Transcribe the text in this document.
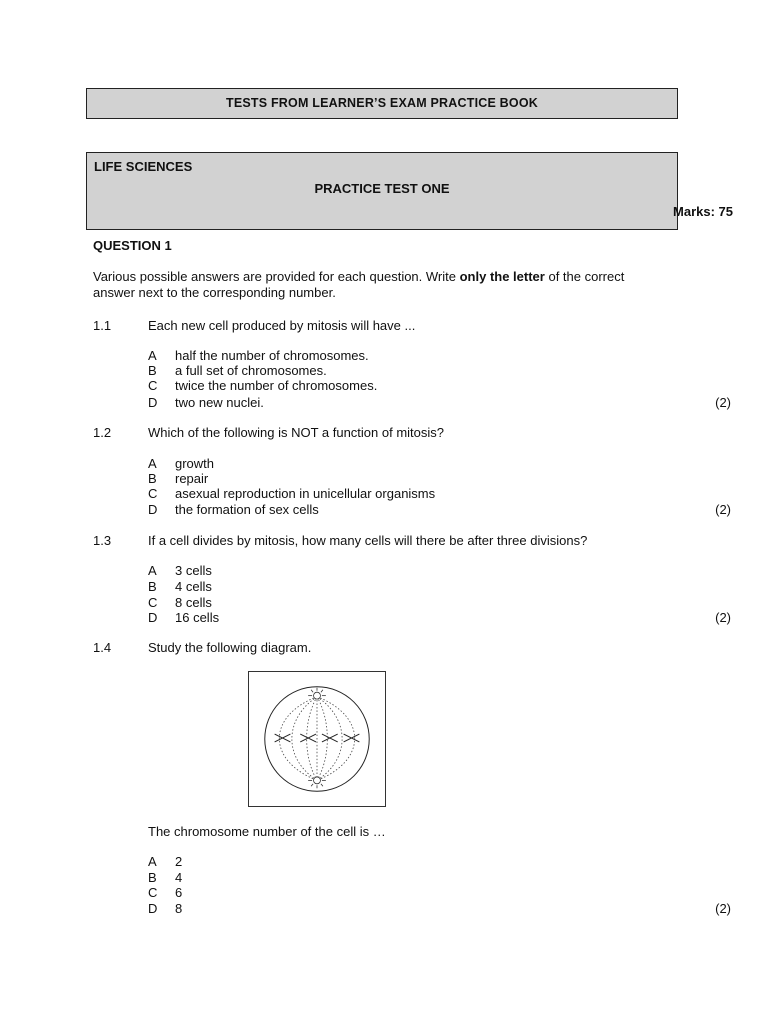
TESTS FROM LEARNER’S EXAM PRACTICE BOOK
LIFE SCIENCES
PRACTICE TEST ONE
Marks: 75
QUESTION 1
Various possible answers are provided for each question. Write only the letter of the correct answer next to the corresponding number.
1.1	Each new cell produced by mitosis will have ...
A half the number of chromosomes.
B a full set of chromosomes.
C twice the number of chromosomes.
D two new nuclei.	(2)
1.2	Which of the following is NOT a function of mitosis?
A growth
B repair
C asexual reproduction in unicellular organisms
D the formation of sex cells	(2)
1.3	If a cell divides by mitosis, how many cells will there be after three divisions?
A 3 cells
B 4 cells
C 8 cells
D 16 cells	(2)
1.4	Study the following diagram.
The chromosome number of the cell is …
A 2
B 4
C 6
D 8	(2)
